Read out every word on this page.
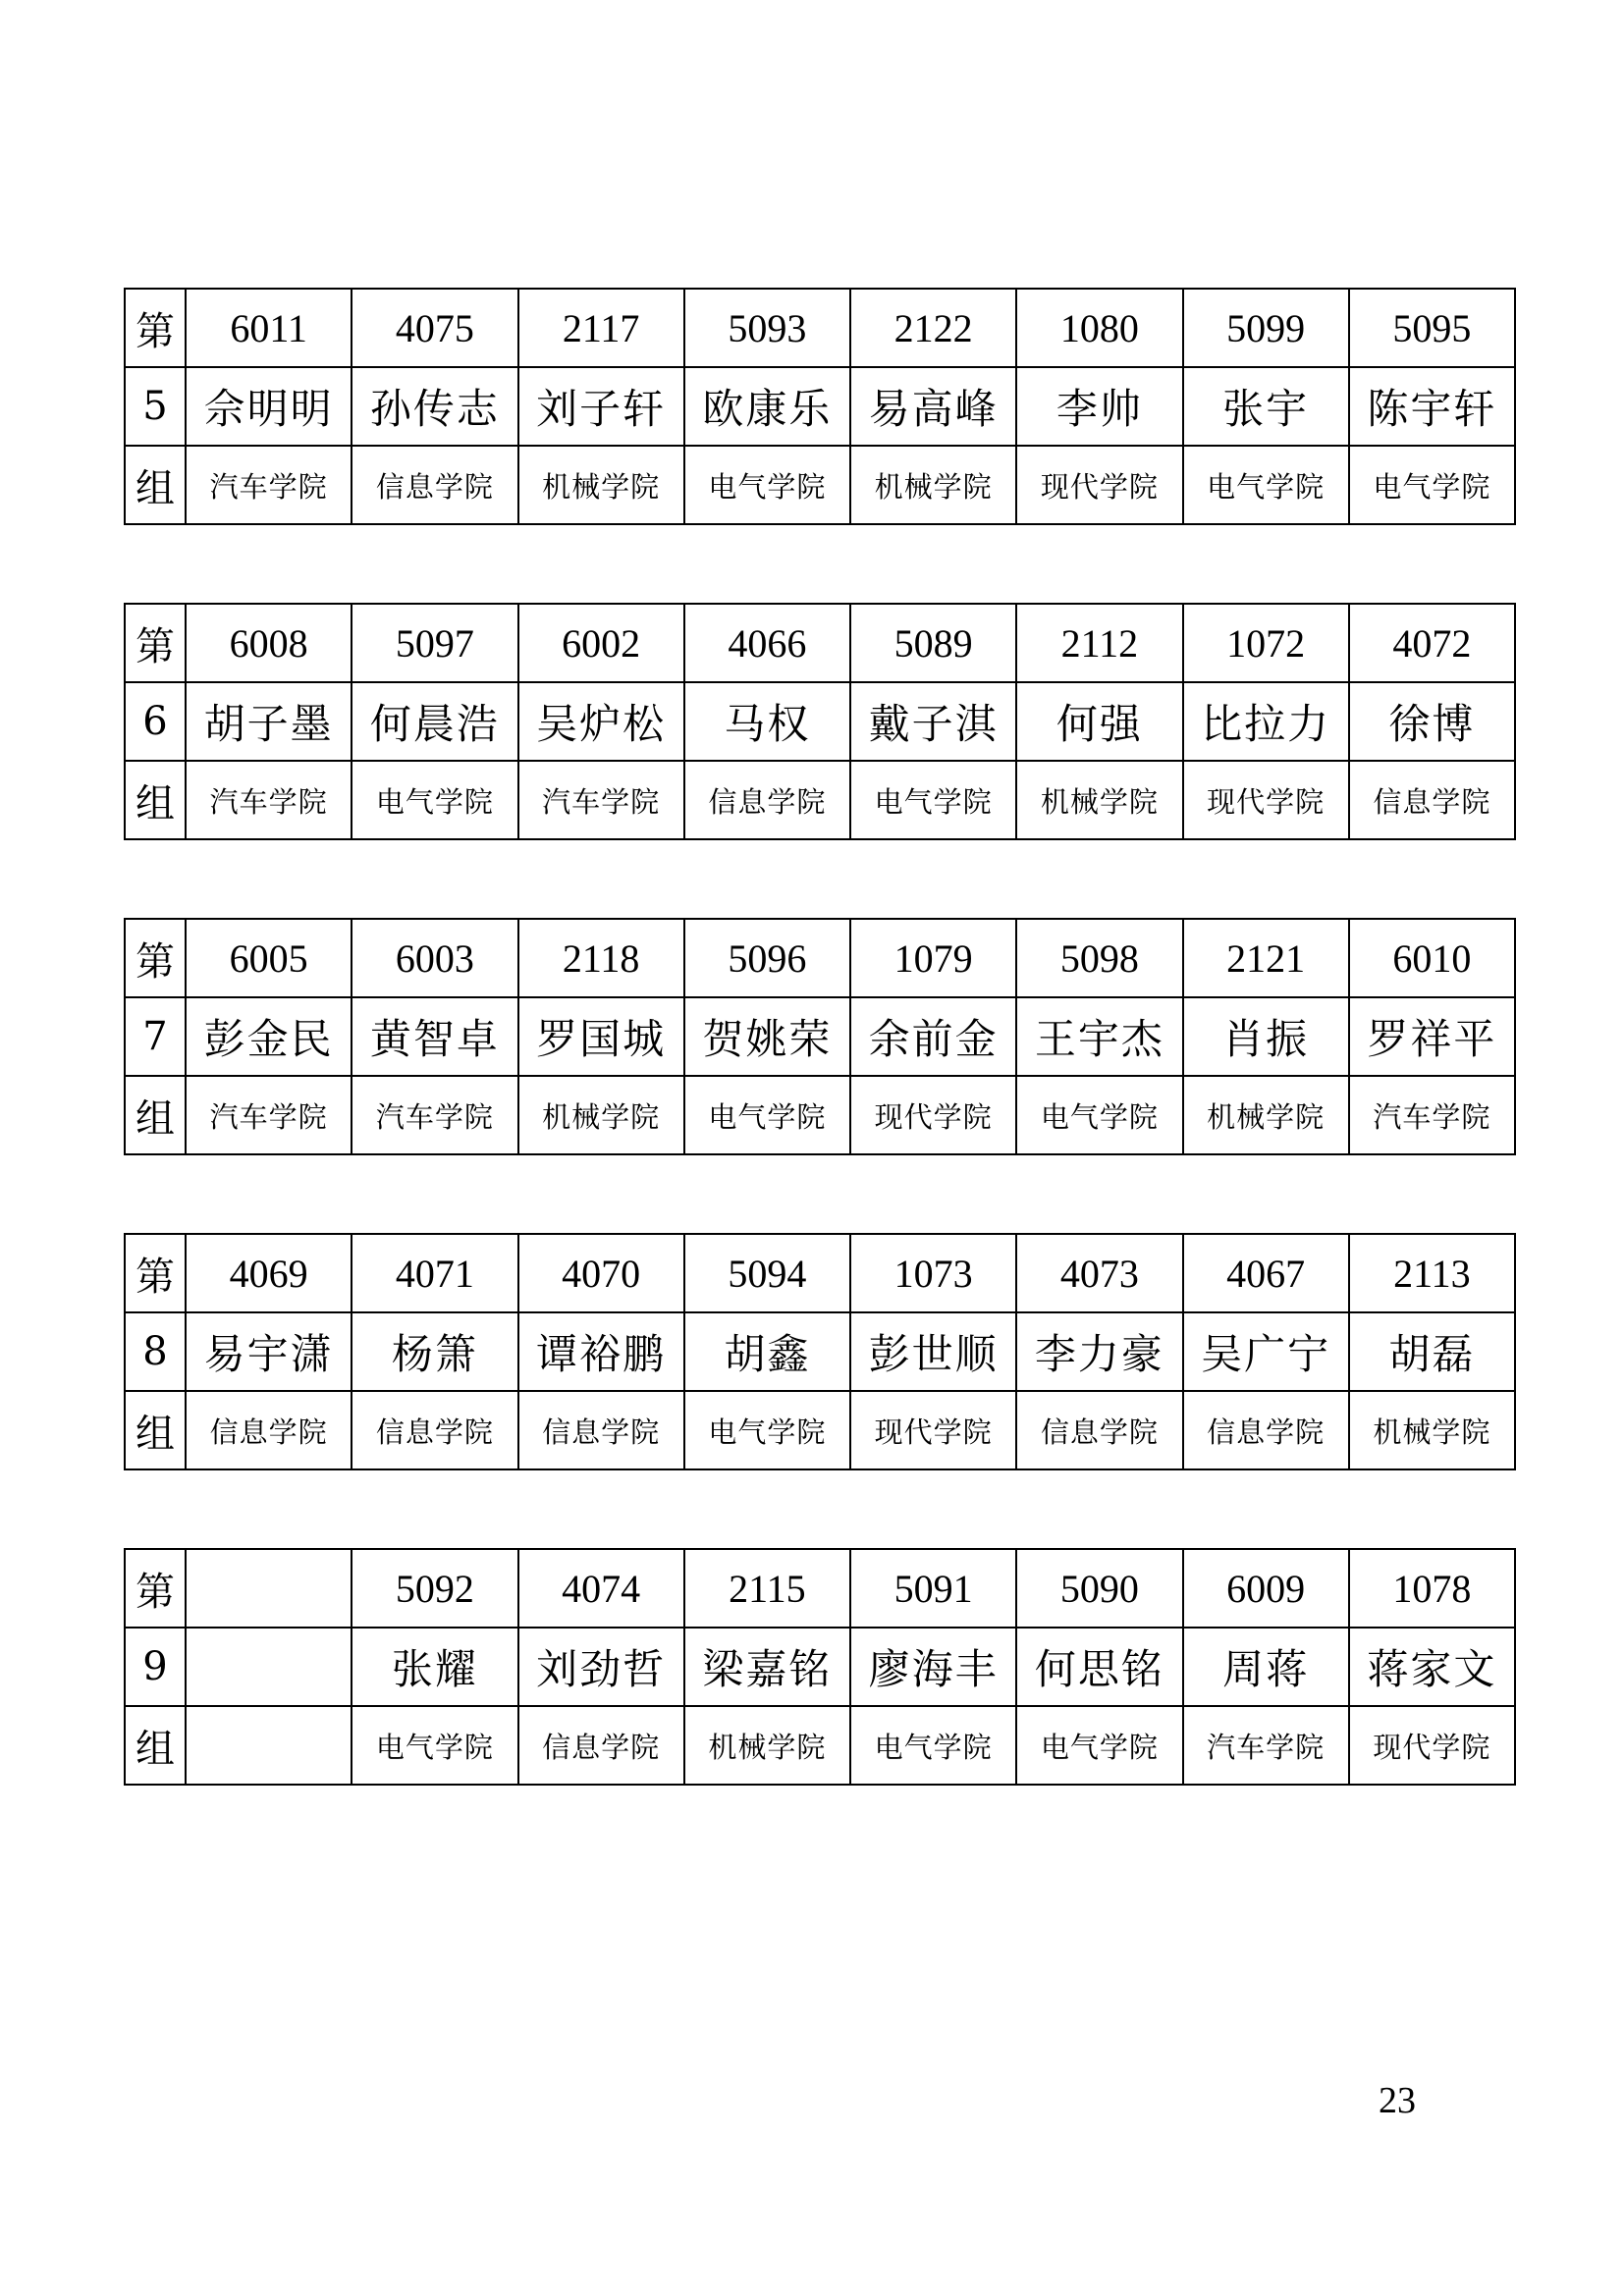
第	6011	4075	2117	5093	2122	1080	5099	5095
5	佘明明	孙传志	刘子轩	欧康乐	易高峰	李帅	张宇	陈宇轩
组	汽车学院	信息学院	机械学院	电气学院	机械学院	现代学院	电气学院	电气学院
第	6008	5097	6002	4066	5089	2112	1072	4072
6	胡子墨	何晨浩	吴炉松	马权	戴子淇	何强	比拉力	徐博
组	汽车学院	电气学院	汽车学院	信息学院	电气学院	机械学院	现代学院	信息学院
第	6005	6003	2118	5096	1079	5098	2121	6010
7	彭金民	黄智卓	罗国城	贺姚荣	余前金	王宇杰	肖振	罗祥平
组	汽车学院	汽车学院	机械学院	电气学院	现代学院	电气学院	机械学院	汽车学院
第	4069	4071	4070	5094	1073	4073	4067	2113
8	易宇潇	杨箫	谭裕鹏	胡鑫	彭世顺	李力豪	吴广宁	胡磊
组	信息学院	信息学院	信息学院	电气学院	现代学院	信息学院	信息学院	机械学院
第		5092	4074	2115	5091	5090	6009	1078
9		张耀	刘劲哲	梁嘉铭	廖海丰	何思铭	周蒋	蒋家文
组		电气学院	信息学院	机械学院	电气学院	电气学院	汽车学院	现代学院
23
